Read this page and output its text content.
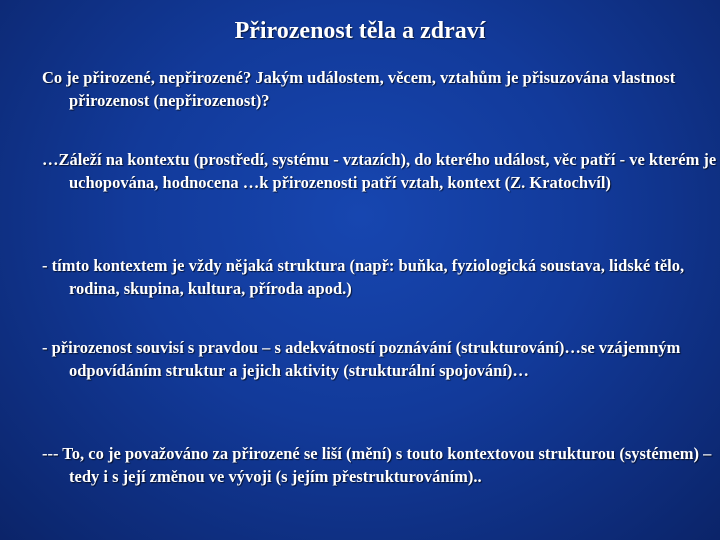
Přirozenost těla a zdraví

Co je přirozené, nepřirozené? Jakým událostem, věcem, vztahům je přisuzována vlastnost přirozenost (nepřirozenost)?

…Záleží na kontextu (prostředí, systému - vztazích), do kterého událost, věc patří - ve kterém je uchopována, hodnocena …k přirozenosti patří vztah, kontext (Z. Kratochvíl)

- tímto kontextem je vždy nějaká struktura (např: buňka, fyziologická soustava, lidské tělo, rodina, skupina, kultura, příroda apod.)

- přirozenost souvisí s pravdou – s adekvátností poznávání (strukturování)…se vzájemným odpovídáním struktur a jejich aktivity (strukturální spojování)…

--- To, co je považováno za přirozené se liší (mění) s touto kontextovou strukturou (systémem) – tedy i s její změnou ve vývoji (s jejím přestrukturováním)..
